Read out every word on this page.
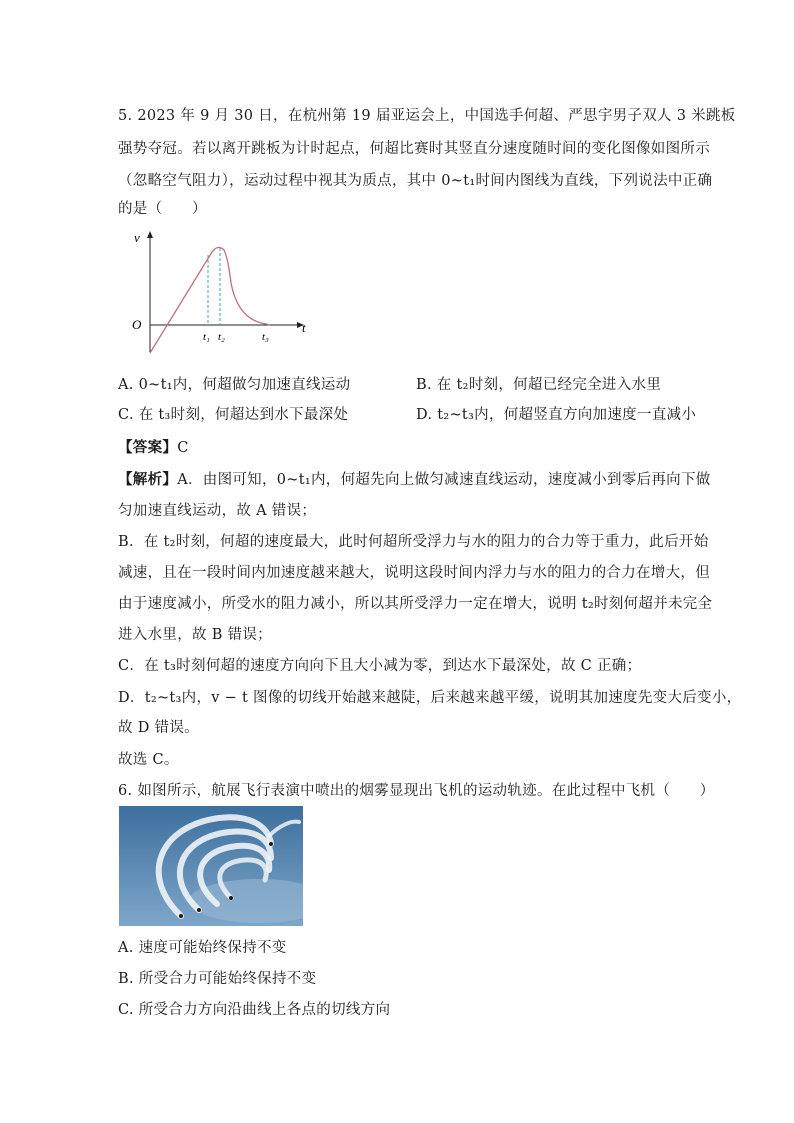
5. 2023 年 9 月 30 日，在杭州第 19 届亚运会上，中国选手何超、严思宇男子双人 3 米跳板
强势夺冠。若以离开跳板为计时起点，何超比赛时其竖直分速度随时间的变化图像如图所示
（忽略空气阻力），运动过程中视其为质点，其中 0~t₁时间内图线为直线，下列说法中正确
的是（　　）
v
t
O
t₁ t₂	t₃
A. 0~t₁内，何超做匀加速直线运动	B. 在 t₂时刻，何超已经完全进入水里
C. 在 t₃时刻，何超达到水下最深处	D. t₂~t₃内，何超竖直方向加速度一直减小
【答案】C
【解析】A．由图可知，0~t₁内，何超先向上做匀减速直线运动，速度减小到零后再向下做
匀加速直线运动，故 A 错误；
B．在 t₂时刻，何超的速度最大，此时何超所受浮力与水的阻力的合力等于重力，此后开始
减速，且在一段时间内加速度越来越大，说明这段时间内浮力与水的阻力的合力在增大，但
由于速度减小，所受水的阻力减小，所以其所受浮力一定在增大，说明 t₂时刻何超并未完全
进入水里，故 B 错误；
C．在 t₃时刻何超的速度方向向下且大小减为零，到达水下最深处，故 C 正确；
D．t₂~t₃内，v − t 图像的切线开始越来越陡，后来越来越平缓，说明其加速度先变大后变小，
故 D 错误。
故选 C。
6. 如图所示，航展飞行表演中喷出的烟雾显现出飞机的运动轨迹。在此过程中飞机（　　）
A. 速度可能始终保持不变
B. 所受合力可能始终保持不变
C. 所受合力方向沿曲线上各点的切线方向
